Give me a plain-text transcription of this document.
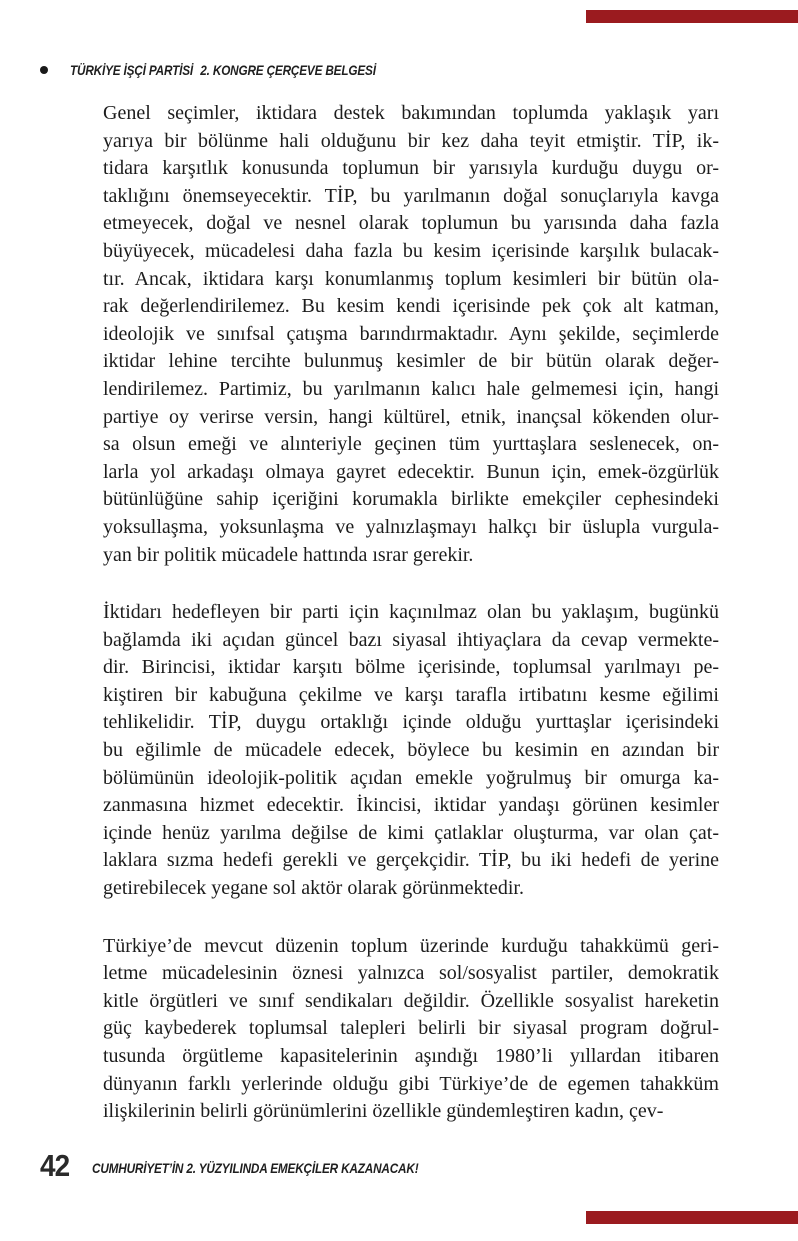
TÜRKİYE İŞÇİ PARTİSİ 2. KONGRE ÇERÇEVE BELGESİ
Genel seçimler, iktidara destek bakımından toplumda yaklaşık yarı
yarıya bir bölünme hali olduğunu bir kez daha teyit etmiştir. TİP, ik-
tidara karşıtlık konusunda toplumun bir yarısıyla kurduğu duygu or-
taklığını önemseyecektir. TİP, bu yarılmanın doğal sonuçlarıyla kavga
etmeyecek, doğal ve nesnel olarak toplumun bu yarısında daha fazla
büyüyecek, mücadelesi daha fazla bu kesim içerisinde karşılık bulacak-
tır. Ancak, iktidara karşı konumlanmış toplum kesimleri bir bütün ola-
rak değerlendirilemez. Bu kesim kendi içerisinde pek çok alt katman,
ideolojik ve sınıfsal çatışma barındırmaktadır. Aynı şekilde, seçimlerde
iktidar lehine tercihte bulunmuş kesimler de bir bütün olarak değer-
lendirilemez. Partimiz, bu yarılmanın kalıcı hale gelmemesi için, hangi
partiye oy verirse versin, hangi kültürel, etnik, inançsal kökenden olur-
sa olsun emeği ve alınteriyle geçinen tüm yurttaşlara seslenecek, on-
larla yol arkadaşı olmaya gayret edecektir. Bunun için, emek-özgürlük
bütünlüğüne sahip içeriğini korumakla birlikte emekçiler cephesindeki
yoksullaşma, yoksunlaşma ve yalnızlaşmayı halkçı bir üslupla vurgula-
yan bir politik mücadele hattında ısrar gerekir.
İktidarı hedefleyen bir parti için kaçınılmaz olan bu yaklaşım, bugünkü
bağlamda iki açıdan güncel bazı siyasal ihtiyaçlara da cevap vermekte-
dir. Birincisi, iktidar karşıtı bölme içerisinde, toplumsal yarılmayı pe-
kiştiren bir kabuğuna çekilme ve karşı tarafla irtibatını kesme eğilimi
tehlikelidir. TİP, duygu ortaklığı içinde olduğu yurttaşlar içerisindeki
bu eğilimle de mücadele edecek, böylece bu kesimin en azından bir
bölümünün ideolojik-politik açıdan emekle yoğrulmuş bir omurga ka-
zanmasına hizmet edecektir. İkincisi, iktidar yandaşı görünen kesimler
içinde henüz yarılma değilse de kimi çatlaklar oluşturma, var olan çat-
laklara sızma hedefi gerekli ve gerçekçidir. TİP, bu iki hedefi de yerine
getirebilecek yegane sol aktör olarak görünmektedir.
Türkiye’de mevcut düzenin toplum üzerinde kurduğu tahakkümü geri-
letme mücadelesinin öznesi yalnızca sol/sosyalist partiler, demokratik
kitle örgütleri ve sınıf sendikaları değildir. Özellikle sosyalist hareketin
güç kaybederek toplumsal talepleri belirli bir siyasal program doğrul-
tusunda örgütleme kapasitelerinin aşındığı 1980’li yıllardan itibaren
dünyanın farklı yerlerinde olduğu gibi Türkiye’de de egemen tahakküm
ilişkilerinin belirli görünümlerini özellikle gündemleştiren kadın, çev-
42 CUMHURİYET’İN 2. YÜZYILINDA EMEKÇİLER KAZANACAK!
